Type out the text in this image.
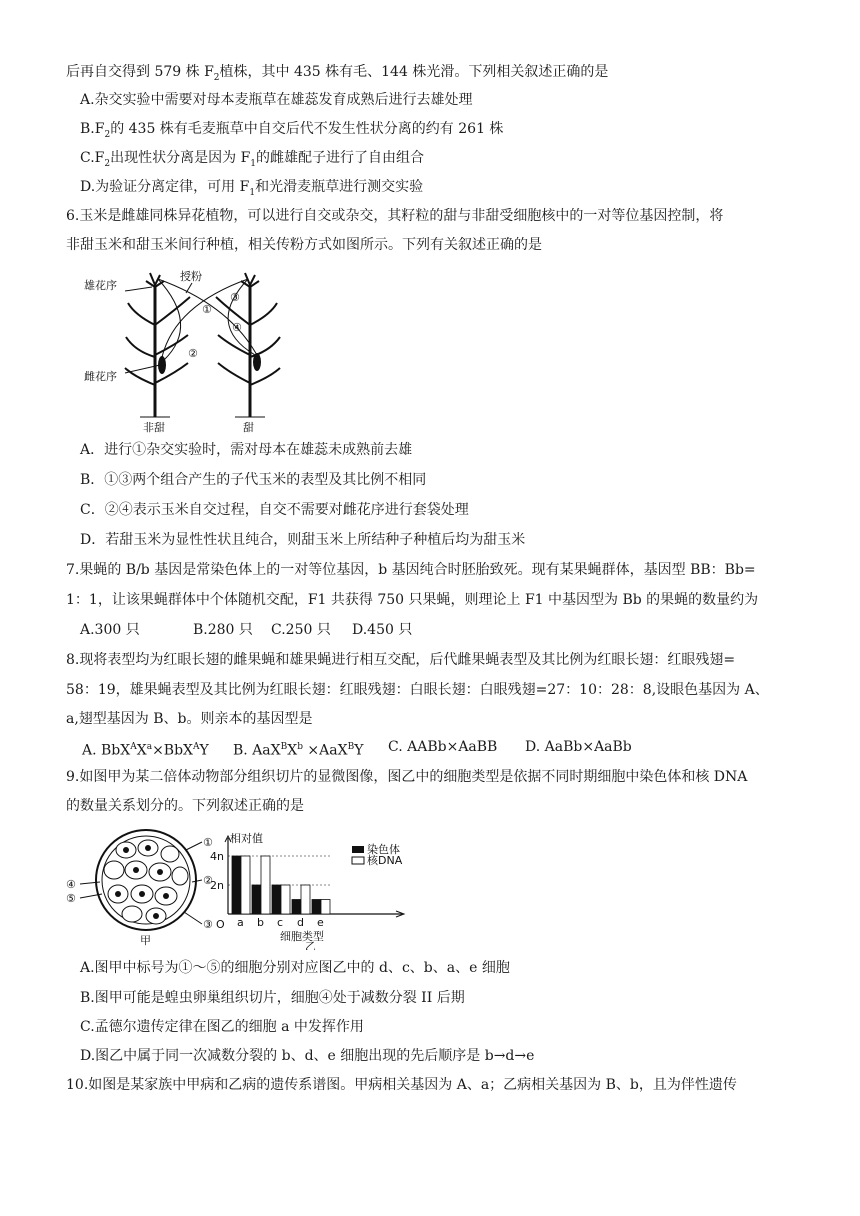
后再自交得到 579 株 $F_2$植株，其中 435 株有毛、144 株光滑。下列相关叙述正确的是
A.杂交实验中需要对母本麦瓶草在雄蕊发育成熟后进行去雄处理
$B.F_2$的 435 株有毛麦瓶草中自交后代不发生性状分离的约有 261 株
$C.F_2$出现性状分离是因为 $F_1$的雌雄配子进行了自由组合
D.为验证分离定律，可用 $F_1$和光滑麦瓶草进行测交实验
6.玉米是雌雄同株异花植物，可以进行自交或杂交，其籽粒的甜与非甜受细胞核中的一对等位基因控制，将
非甜玉米和甜玉米间行种植，相关传粉方式如图所示。下列有关叙述正确的是
雄花序
雌花序
授粉
①
②
③
④
非甜	甜
A．进行①杂交实验时，需对母本在雄蕊未成熟前去雄
B．①③两个组合产生的子代玉米的表型及其比例不相同
C．②④表示玉米自交过程，自交不需要对雌花序进行套袋处理
D．若甜玉米为显性性状且纯合，则甜玉米上所结种子种植后均为甜玉米
7.果蝇的 B/b 基因是常染色体上的一对等位基因，b 基因纯合时胚胎致死。现有某果蝇群体，基因型 BB：Bb=
1：1，让该果蝇群体中个体随机交配，F1 共获得 750 只果蝇，则理论上 F1 中基因型为 Bb 的果蝇的数量约为
A.300 只	B.280 只 C.250 只 D.450 只
8.现将表型均为红眼长翅的雌果蝇和雄果蝇进行相互交配，后代雌果蝇表型及其比例为红眼长翅：红眼残翅=
58：19，雄果蝇表型及其比例为红眼长翅：红眼残翅：白眼长翅：白眼残翅=27：10：28：8,设眼色基因为 A、
a,翅型基因为 B、b。则亲本的基因型是
A. $BbX^AX^a\times BbX^AY$ B. $AaX^BX^b \times AaX^BY$ C. AABb×AaBB D. AaBb×AaBb
9.如图甲为某二倍体动物部分组织切片的显微图像，图乙中的细胞类型是依据不同时期细胞中染色体和核 DNA
的数量关系划分的。下列叙述正确的是
④
⑤
①
②
③
甲
a b c d e
相对值
4n
2n
O
细胞类型
乙
染色体
核DNA
A.图甲中标号为①～⑤的细胞分别对应图乙中的 d、c、b、a、e 细胞
B.图甲可能是蝗虫卵巢组织切片，细胞④处于减数分裂 II 后期
C.孟德尔遗传定律在图乙的细胞 a 中发挥作用
D.图乙中属于同一次减数分裂的 b、d、e 细胞出现的先后顺序是 b→d→e
10.如图是某家族中甲病和乙病的遗传系谱图。甲病相关基因为 A、a；乙病相关基因为 B、b，且为伴性遗传
